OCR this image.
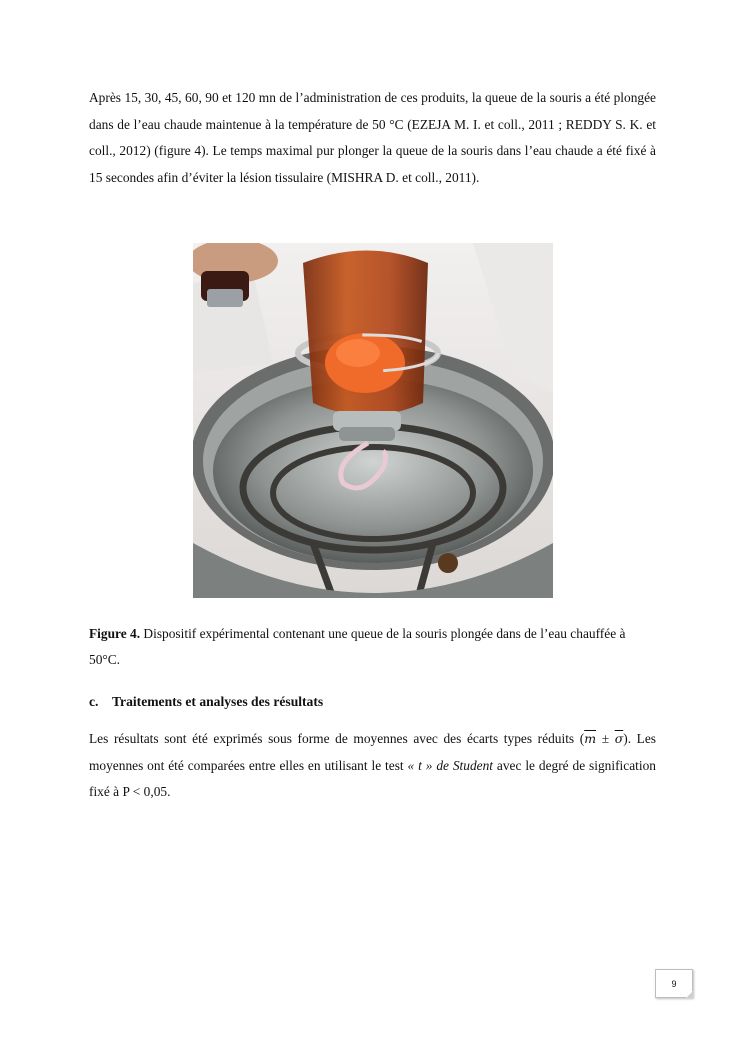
Après 15, 30, 45, 60, 90 et 120 mn de l’administration de ces produits, la queue de la souris a été plongée dans de l’eau chaude maintenue à la température de 50 °C (EZEJA M. I. et coll., 2011 ; REDDY S. K. et coll., 2012) (figure 4). Le temps maximal pur plonger la queue de la souris dans l’eau chaude a été fixé à 15 secondes afin d’éviter la lésion tissulaire (MISHRA D. et coll., 2011).

Figure 4. Dispositif expérimental contenant une queue de la souris plongée dans de l’eau chauffée à 50°C.

c. Traitements et analyses des résultats

Les résultats sont été exprimés sous forme de moyennes avec des écarts types réduits $(\overline{m} \pm \overline{\sigma})$. Les moyennes ont été comparées entre elles en utilisant le test « t » de Student avec le degré de signification fixé à P < 0,05.

9
